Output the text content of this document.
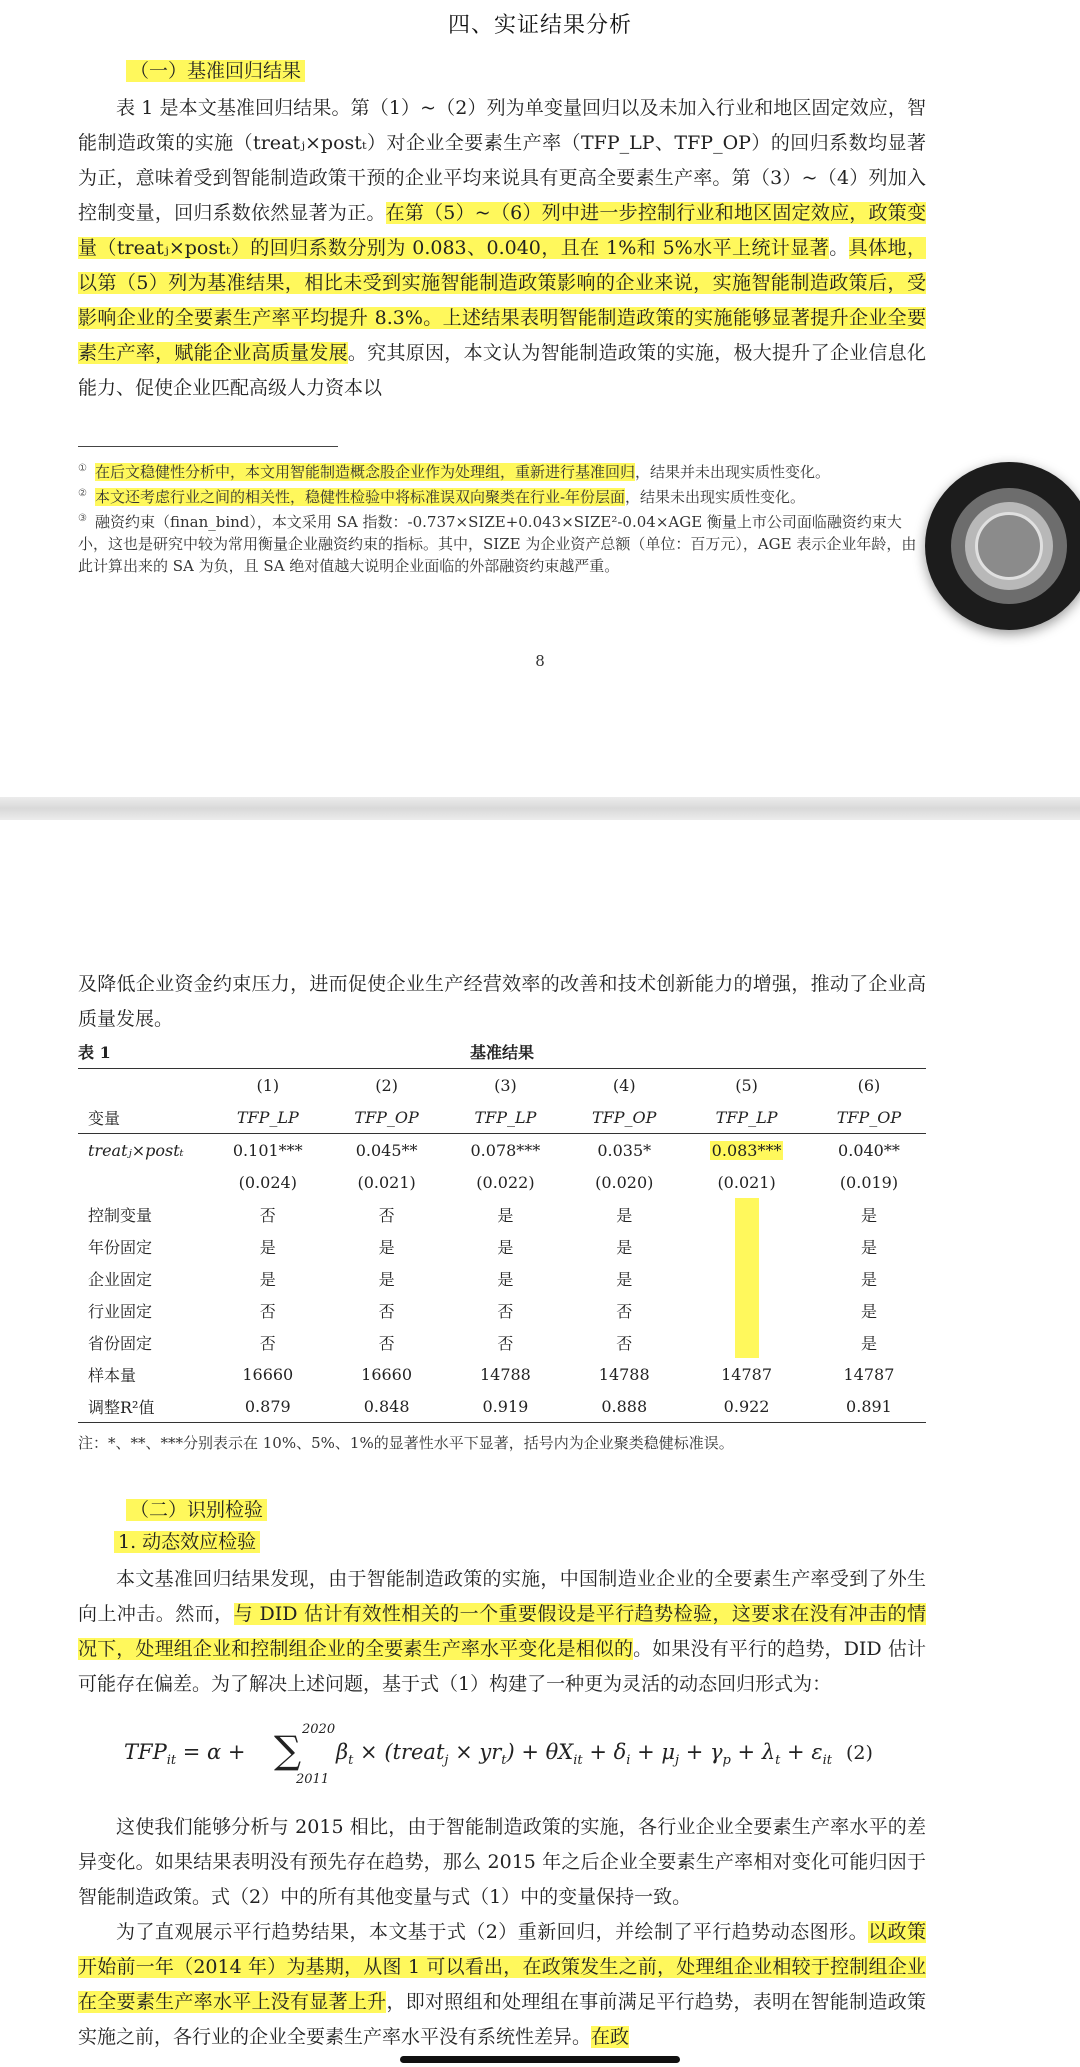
四、实证结果分析
（一）基准回归结果
表 1 是本文基准回归结果。第（1）~（2）列为单变量回归以及未加入行业和地区固定效应，智能制造政策的实施（treatⱼ×postₜ）对企业全要素生产率（TFP_LP、TFP_OP）的回归系数均显著为正，意味着受到智能制造政策干预的企业平均来说具有更高全要素生产率。第（3）~（4）列加入控制变量，回归系数依然显著为正。在第（5）~（6）列中进一步控制行业和地区固定效应，政策变量（treatⱼ×postₜ）的回归系数分别为 0.083、0.040，且在 1%和 5%水平上统计显著。具体地，以第（5）列为基准结果，相比未受到实施智能制造政策影响的企业来说，实施智能制造政策后，受影响企业的全要素生产率平均提升 8.3%。上述结果表明智能制造政策的实施能够显著提升企业全要素生产率，赋能企业高质量发展。究其原因，本文认为智能制造政策的实施，极大提升了企业信息化能力、促使企业匹配高级人力资本以
① 在后文稳健性分析中，本文用智能制造概念股企业作为处理组，重新进行基准回归，结果并未出现实质性变化。
② 本文还考虑行业之间的相关性，稳健性检验中将标准误双向聚类在行业-年份层面，结果未出现实质性变化。
③ 融资约束（finan_bind），本文采用 SA 指数：-0.737×SIZE+0.043×SIZE²-0.04×AGE 衡量上市公司面临融资约束大小，这也是研究中较为常用衡量企业融资约束的指标。其中，SIZE 为企业资产总额（单位：百万元），AGE 表示企业年龄，由此计算出来的 SA 为负，且 SA 绝对值越大说明企业面临的外部融资约束越严重。
8
及降低企业资金约束压力，进而促使企业生产经营效率的改善和技术创新能力的增强，推动了企业高质量发展。
表 1	基准结果
	(1)	(2)	(3)	(4)	(5)	(6)
变量	TFP_LP	TFP_OP	TFP_LP	TFP_OP	TFP_LP	TFP_OP
treatⱼ×postₜ	0.101***	0.045**	0.078***	0.035*	0.083***	0.040**
	(0.024)	(0.021)	(0.022)	(0.020)	(0.021)	(0.019)
控制变量	否	否	是	是		是
年份固定	是	是	是	是		是
企业固定	是	是	是	是		是
行业固定	否	否	否	否		是
省份固定	否	否	否	否		是
样本量	16660	16660	14788	14788	14787	14787
调整R²值	0.879	0.848	0.919	0.888	0.922	0.891
注：*、**、***分别表示在 10%、5%、1%的显著性水平下显著，括号内为企业聚类稳健标准误。
（二）识别检验
1. 动态效应检验
本文基准回归结果发现，由于智能制造政策的实施，中国制造业企业的全要素生产率受到了外生向上冲击。然而，与 DID 估计有效性相关的一个重要假设是平行趋势检验，这要求在没有冲击的情况下，处理组企业和控制组企业的全要素生产率水平变化是相似的。如果没有平行的趋势，DID 估计可能存在偏差。为了解决上述问题，基于式（1）构建了一种更为灵活的动态回归形式为：
$TFP_{it} = \alpha$ + ∑ 2020
2011
$\beta_t$ × (treat$_j$ × $yr_t) + \theta X_{it} + \delta_i + \mu_j + \gamma_p + \lambda_t + \varepsilon_{it}$ (2)
这使我们能够分析与 2015 相比，由于智能制造政策的实施，各行业企业全要素生产率水平的差异变化。如果结果表明没有预先存在趋势，那么 2015 年之后企业全要素生产率相对变化可能归因于智能制造政策。式（2）中的所有其他变量与式（1）中的变量保持一致。
为了直观展示平行趋势结果，本文基于式（2）重新回归，并绘制了平行趋势动态图形。以政策开始前一年（2014 年）为基期，从图 1 可以看出，在政策发生之前，处理组企业相较于控制组企业在全要素生产率水平上没有显著上升，即对照组和处理组在事前满足平行趋势，表明在智能制造政策实施之前，各行业的企业全要素生产率水平没有系统性差异。在政
